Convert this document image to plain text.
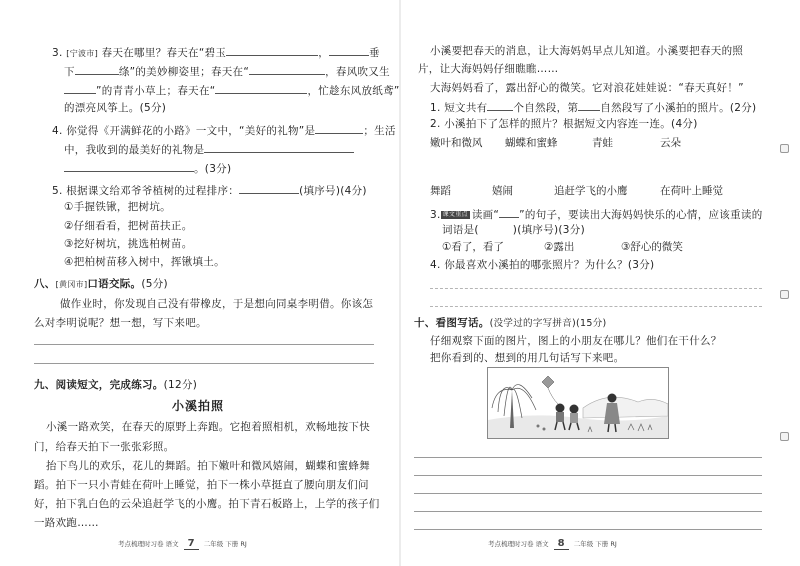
3. [宁波市] 春天在哪里？春天在“碧玉	，	垂
下	绦”的美妙柳姿里；春天在“	，春风吹又生
”的青青小草上；春天在“	，忙趁东风放纸鸢”
的漂亮风筝上。(5分)
4. 你觉得《开满鲜花的小路》一文中，“美好的礼物”是	；生活
中，我收到的最美好的礼物是
。(3分)
5. 根据课文给邓爷爷植树的过程排序：	(填序号)(4分)
①手握铁锹，把树坑。
②仔细看看，把树苗扶正。
③挖好树坑，挑选柏树苗。
④把柏树苗移入树中，挥锹填土。
八、[黄冈市]口语交际。(5分)
做作业时，你发现自己没有带橡皮，于是想向同桌李明借。你该怎
么对李明说呢？想一想，写下来吧。
九、阅读短文，完成练习。(12分)
小溪拍照
小溪一路欢笑，在春天的原野上奔跑。它抱着照相机，欢畅地按下快
门，给春天拍下一张张彩照。
抬下鸟儿的欢乐，花儿的舞蹈。拍下嫩叶和微风嬉闹，蝴蝶和蜜蜂舞
蹈。拍下一只小青蛙在荷叶上睡觉，拍下一株小草挺直了腰向朋友们问
好，拍下乳白色的云朵追赶学飞的小鹰。拍下青石板路上，上学的孩子们
一路欢跑……
考点梳理时习卷 语文 7 二年级 下册 RJ
小溪要把春天的消息，让大海妈妈早点儿知道。小溪要把春天的照
片，让大海妈妈仔细瞧瞧……
大海妈妈看了，露出舒心的微笑。它对浪花娃娃说：“春天真好！”
1. 短文共有 个自然段，第 自然段写了小溪拍的照片。(2分)
2. 小溪拍下了怎样的照片？根据短文内容连一连。(4分)
嫩叶和微风 蝴蝶和蜜蜂	青蛙	云朵
舞蹈	嬉闹	追赶学飞的小鹰	在荷叶上睡觉
3. 课文重点 读画“ ”的句子，要读出大海妈妈快乐的心情，应该重读的
词语是(	)(填序号)(3分)
①看了，看了	②露出	③舒心的微笑
4. 你最喜欢小溪拍的哪张照片？为什么？(3分)
十、看图写话。(没学过的字写拼音)(15分)
仔细观察下面的图片，图上的小朋友在哪儿？他们在干什么？
把你看到的、想到的用几句话写下来吧。
考点梳理时习卷 语文 8 二年级 下册 RJ
